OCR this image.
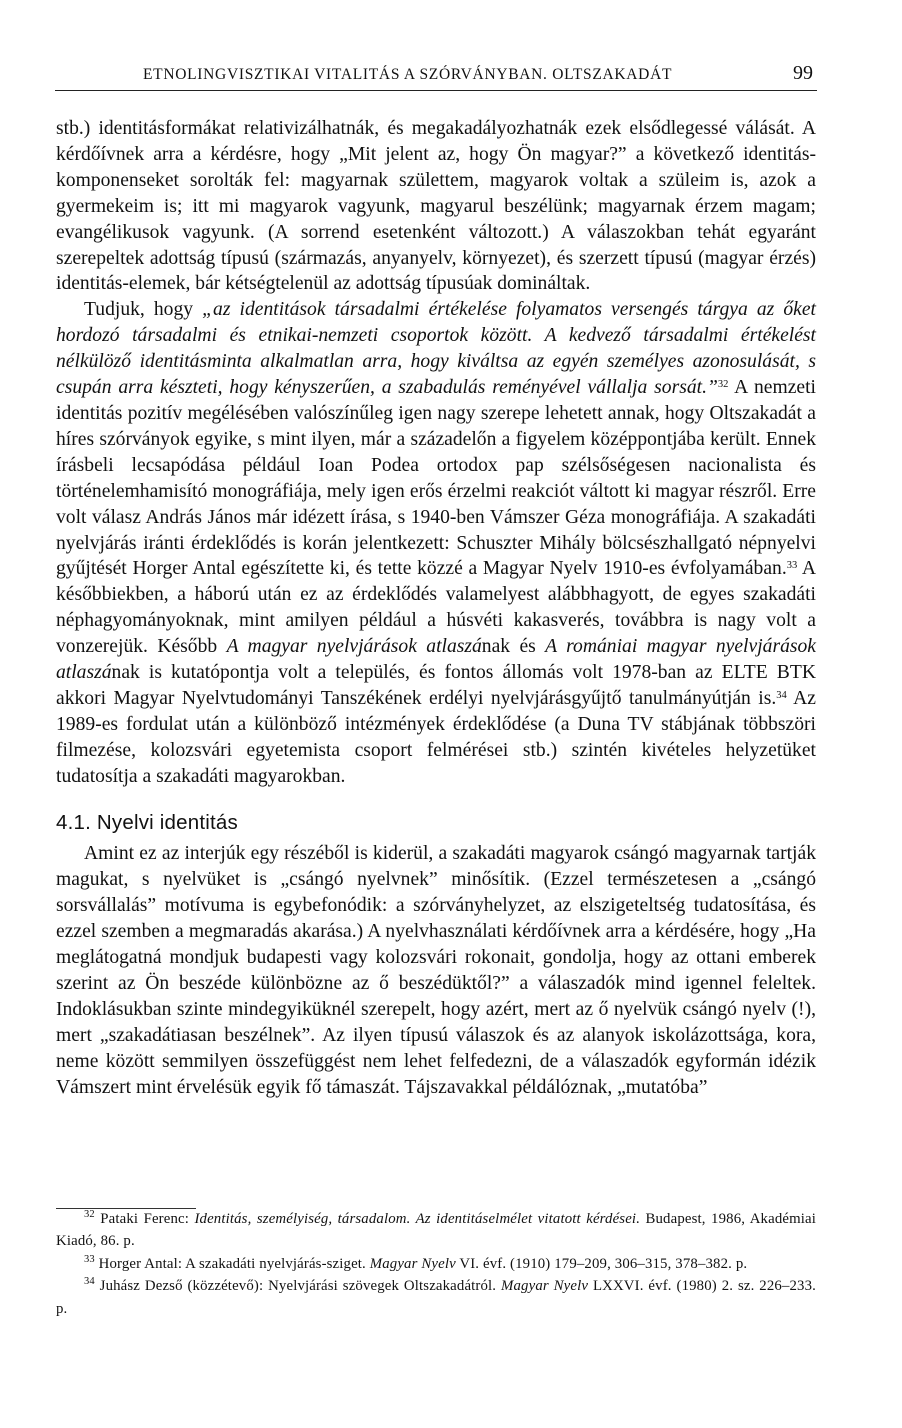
ETNOLINGVISZTIKAI VITALITÁS A SZÓRVÁNYBAN. OLTSZAKADÁT	99

stb.) identitásformákat relativizálhatnák, és megakadályozhatnák ezek elsődlegessé válását. A kérdőívnek arra a kérdésre, hogy „Mit jelent az, hogy Ön magyar?” a következő identitás-komponenseket sorolták fel: magyarnak születtem, magyarok voltak a szüleim is, azok a gyermekeim is; itt mi magyarok vagyunk, magyarul beszélünk; magyarnak érzem magam; evangélikusok vagyunk. (A sorrend esetenként változott.) A válaszokban tehát egyaránt szerepeltek adottság típusú (származás, anyanyelv, környezet), és szerzett típusú (magyar érzés) identitás-elemek, bár kétségtelenül az adottság típusúak domináltak.

Tudjuk, hogy „az identitások társadalmi értékelése folyamatos versengés tárgya az őket hordozó társadalmi és etnikai-nemzeti csoportok között. A kedvező társadalmi értékelést nélkülöző identitásminta alkalmatlan arra, hogy kiváltsa az egyén személyes azonosulását, s csupán arra készteti, hogy kényszerűen, a szabadulás reményével vállalja sorsát.”$^{32}$ A nemzeti identitás pozitív megélésében valószínűleg igen nagy szerepe lehetett annak, hogy Oltszakadát a híres szórványok egyike, s mint ilyen, már a századelőn a figyelem középpontjába került. Ennek írásbeli lecsapódása például Ioan Podea ortodox pap szélsőségesen nacionalista és történelemhamisító monográfiája, mely igen erős érzelmi reakciót váltott ki magyar részről. Erre volt válasz András János már idézett írása, s 1940-ben Vámszer Géza monográfiája. A szakadáti nyelvjárás iránti érdeklődés is korán jelentkezett: Schuszter Mihály bölcsészhallgató népnyelvi gyűjtését Horger Antal egészítette ki, és tette közzé a Magyar Nyelv 1910-es évfolyamában.$^{33}$ A későbbiekben, a háború után ez az érdeklődés valamelyest alábbhagyott, de egyes szakadáti néphagyományoknak, mint amilyen például a húsvéti kakasverés, továbbra is nagy volt a vonzerejük. Később A magyar nyelvjárások atlaszának és A romániai magyar nyelvjárások atlaszának is kutatópontja volt a település, és fontos állomás volt 1978-ban az ELTE BTK akkori Magyar Nyelvtudományi Tanszékének erdélyi nyelvjárásgyűjtő tanulmányútján is.$^{34}$ Az 1989-es fordulat után a különböző intézmények érdeklődése (a Duna TV stábjának többszöri filmezése, kolozsvári egyetemista csoport felmérései stb.) szintén kivételes helyzetüket tudatosítja a szakadáti magyarokban.

4.1. Nyelvi identitás

Amint ez az interjúk egy részéből is kiderül, a szakadáti magyarok csángó magyarnak tartják magukat, s nyelvüket is „csángó nyelvnek” minősítik. (Ezzel természetesen a „csángó sorsvállalás” motívuma is egybefonódik: a szórványhelyzet, az elszigeteltség tudatosítása, és ezzel szemben a megmaradás akarása.) A nyelvhasználati kérdőívnek arra a kérdésére, hogy „Ha meglátogatná mondjuk budapesti vagy kolozsvári rokonait, gondolja, hogy az ottani emberek szerint az Ön beszéde különbözne az ő beszédüktől?” a válaszadók mind igennel feleltek. Indoklásukban szinte mindegyiküknél szerepelt, hogy azért, mert az ő nyelvük csángó nyelv (!), mert „szakadátiasan beszélnek”. Az ilyen típusú válaszok és az alanyok iskolázottsága, kora, neme között semmilyen összefüggést nem lehet felfedezni, de a válaszadók egyformán idézik Vámszert mint érvelésük egyik fő támaszát. Tájszavakkal példálóznak, „mutatóba”

$^{32}$ Pataki Ferenc: Identitás, személyiség, társadalom. Az identitáselmélet vitatott kérdései. Budapest, 1986, Akadémiai Kiadó, 86. p.

$^{33}$ Horger Antal: A szakadáti nyelvjárás-sziget. Magyar Nyelv VI. évf. (1910) 179–209, 306–315, 378–382. p.

$^{34}$ Juhász Dezső (közzétevő): Nyelvjárási szövegek Oltszakadátról. Magyar Nyelv LXXVI. évf. (1980) 2. sz. 226–233. p.
